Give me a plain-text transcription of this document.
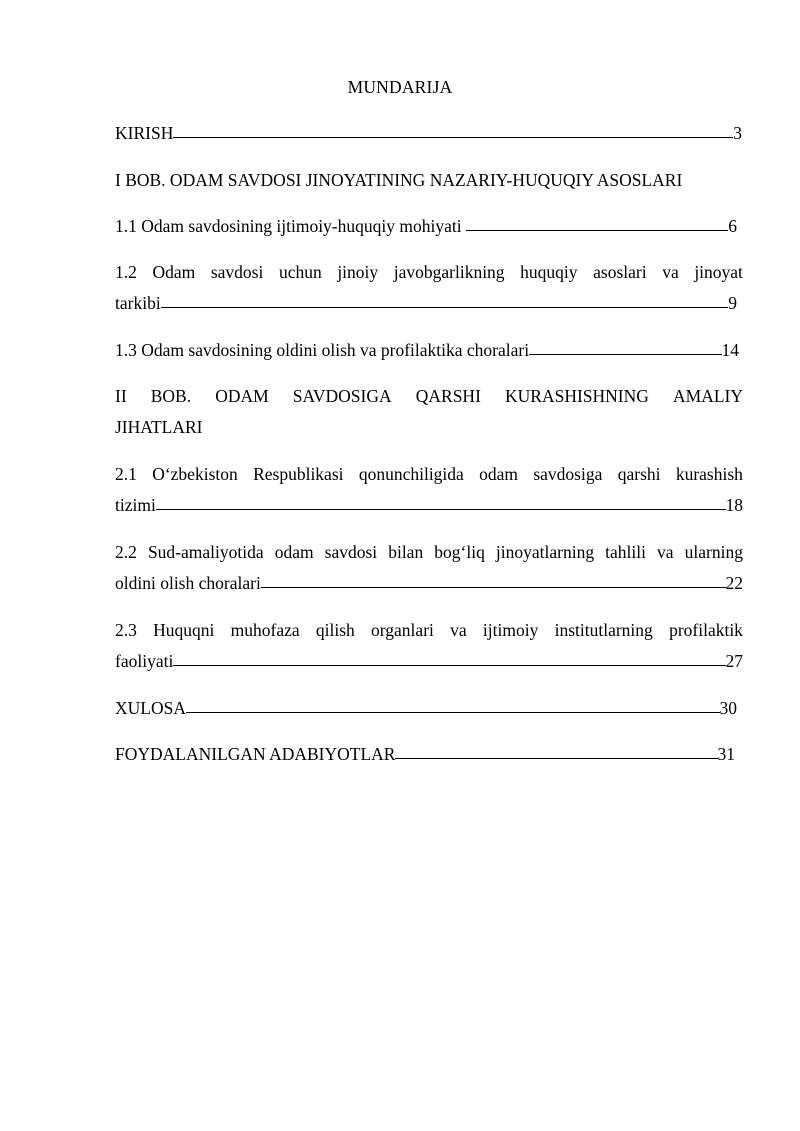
MUNDARIJA
KIRISH	3
I BOB. ODAM SAVDOSI JINOYATINING NAZARIY-HUQUQIY ASOSLARI
1.1 Odam savdosining ijtimoiy-huquqiy mohiyati	6
1.2 Odam savdosi uchun jinoiy javobgarlikning huquqiy asoslari va jinoyat
tarkibi	9
1.3 Odam savdosining oldini olish va profilaktika choralari	14
II BOB. ODAM SAVDOSIGA QARSHI KURASHISHNING AMALIY
JIHATLARI
2.1 O‘zbekiston Respublikasi qonunchiligida odam savdosiga qarshi kurashish
tizimi	18
2.2 Sud-amaliyotida odam savdosi bilan bog‘liq jinoyatlarning tahlili va ularning
oldini olish choralari	22
2.3 Huquqni muhofaza qilish organlari va ijtimoiy institutlarning profilaktik
faoliyati	27
XULOSA	30
FOYDALANILGAN ADABIYOTLAR	31
